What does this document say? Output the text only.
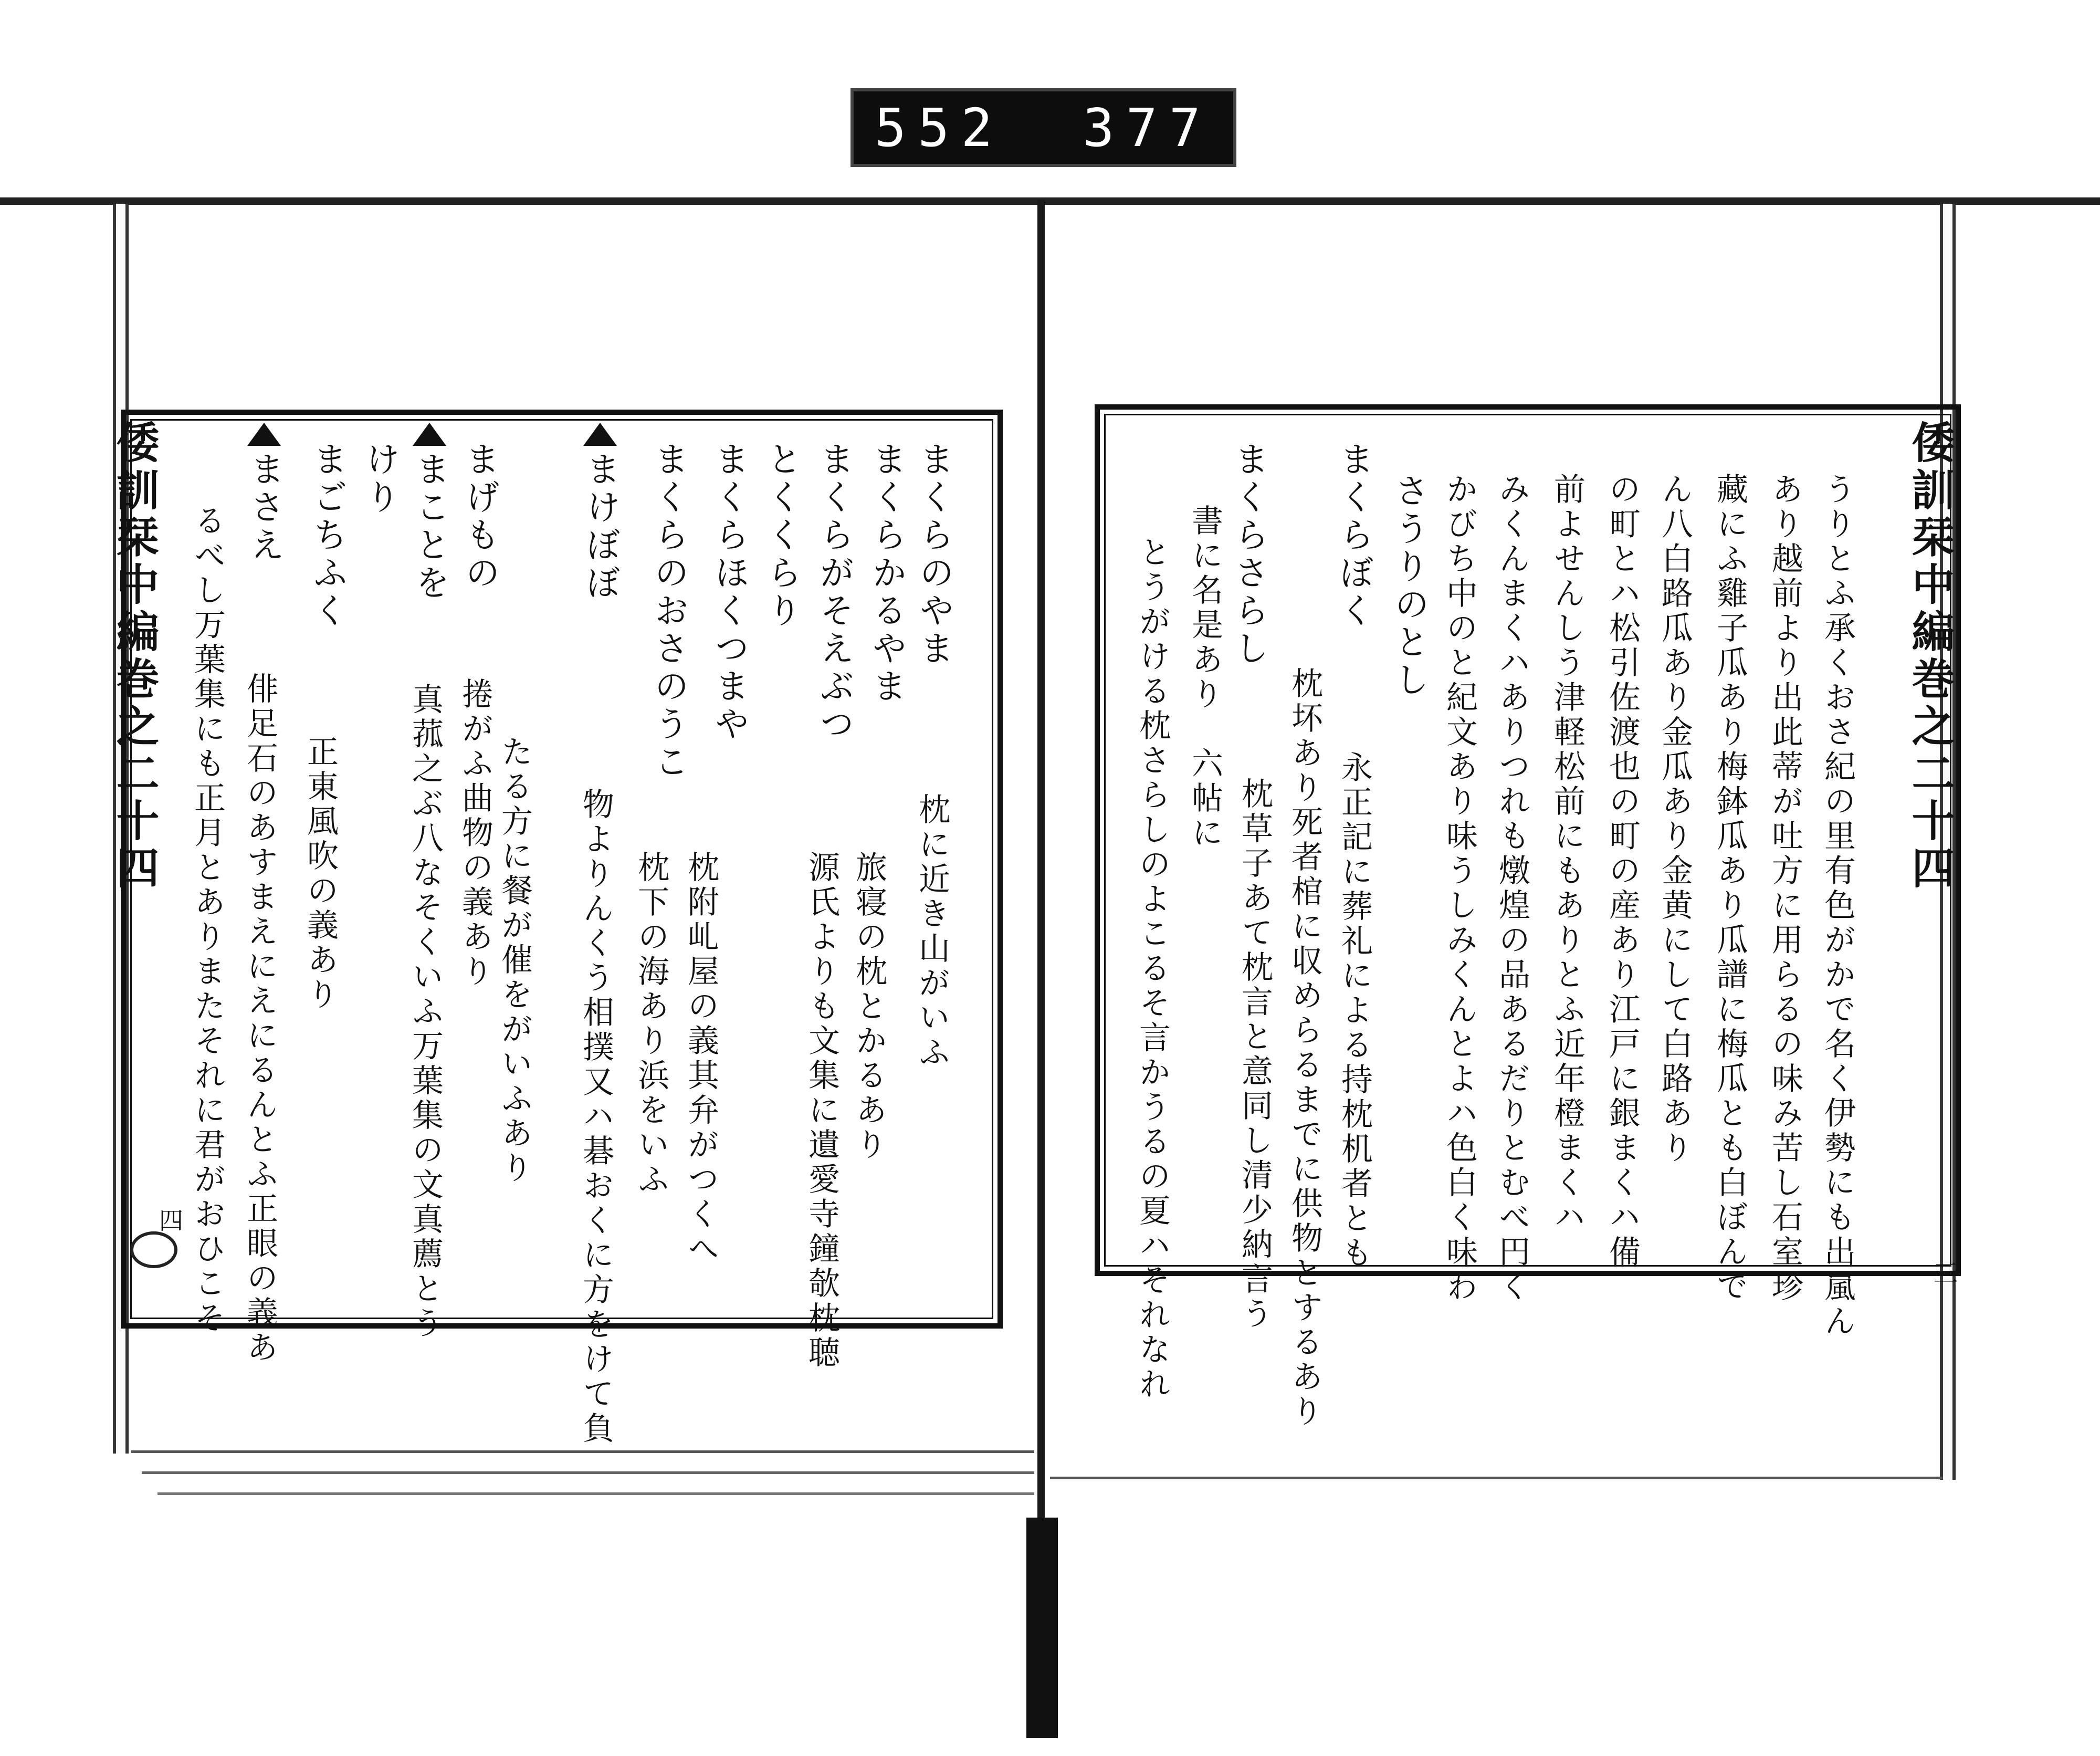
552 377
倭訓栞中編巻之二十四
四
まくらのやま
まくらかるやま
まくらがそえぶつ
とくくらり
まくらほくつまや
まくらのおさのうこ
まけぼぼ
まげもの
まことを
けり
まごちふく
まさえ
るべし万葉集にも正月とありまたそれに君がおひこそ	枕に近き山がいふ
旅寝の枕とかるあり
源氏よりも文集に遺愛寺鐘欹枕聴
枕附乢屋の義其弁がつくへ
枕下の海あり浜をいふ
物よりんくう相撲又ハ碁おくに方をけて負
たる方に餐が催をがいふあり
捲がふ曲物の義あり
真菰之ぶ八なそくいふ万葉集の文真薦とう
正東風吹の義あり
俳足石のあすまえにえにるんとふ正眼の義あ
倭訓栞中編巻之二十四
三
うりとふ承くおさ紀の里有色がかで名く伊勢にも出嵐ん
あり越前より出此蒂が吐方に用らるの味み苦し石室珍
藏にふ雞子瓜あり梅鉢瓜あり瓜譜に梅瓜とも白ぼんで
ん八白路瓜あり金瓜あり金黄にして白路あり
の町とハ松引佐渡也の町の産あり江戸に銀まくハ備
前よせんしう津軽松前にもありとふ近年橙まくハ
みくんまくハありつれも燉煌の品あるだりとむべ円く
かびち中のと紀文あり味うしみくんとよハ色白く味わ
さうりのとし
まくらぼく
まくらさらし
書に名是あり　六帖に
とうがける枕さらしのよこるそ言かうるの夏ハそれなれ	永正記に葬礼による持枕机者とも
枕坏あり死者棺に収めらるまでに供物とするあり
枕草子あて枕言と意同し清少納言う
